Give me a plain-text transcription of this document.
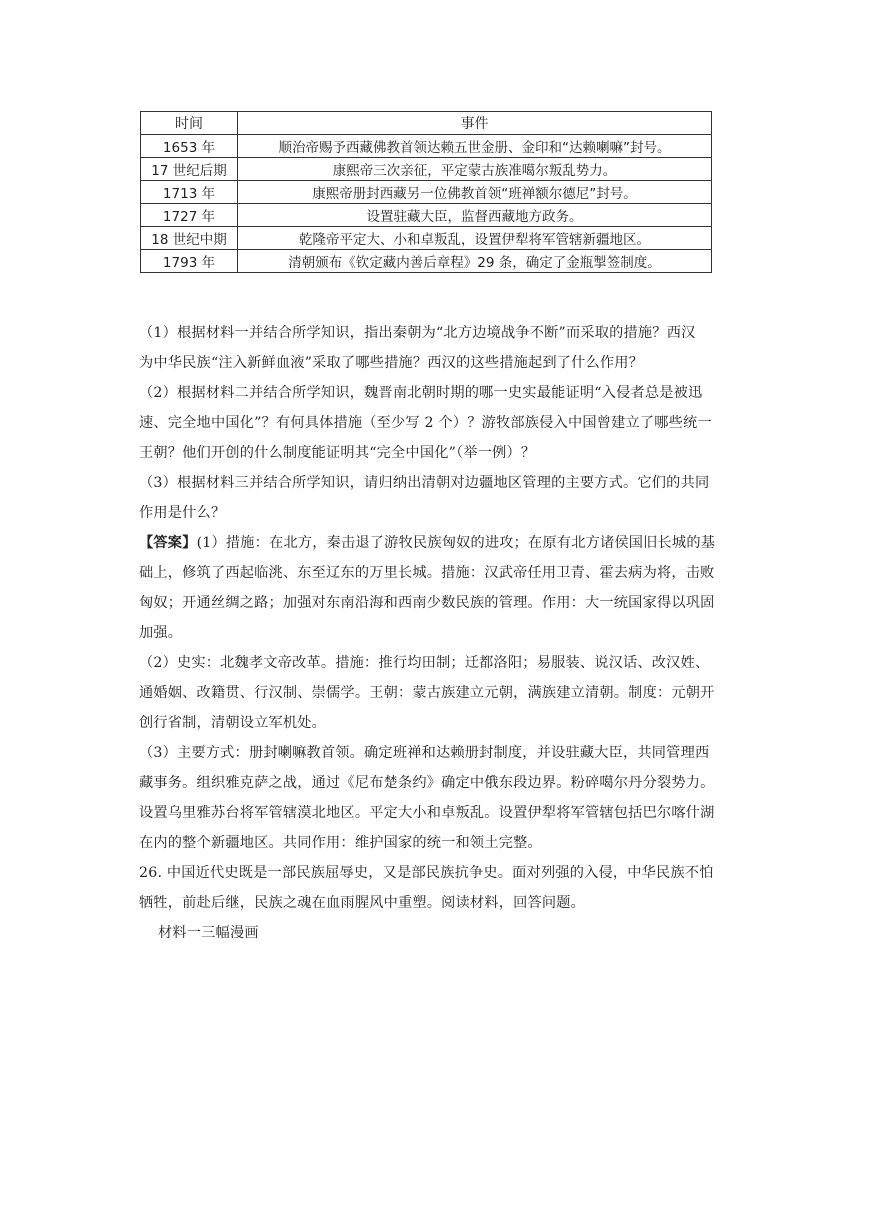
时间	事件
1653 年	顺治帝赐予西藏佛教首领达赖五世金册、金印和“达赖喇嘛”封号。
17 世纪后期	康熙帝三次亲征，平定蒙古族准噶尔叛乱势力。
1713 年	康熙帝册封西藏另一位佛教首领“班禅额尔德尼”封号。
1727 年	设置驻藏大臣，监督西藏地方政务。
18 世纪中期	乾隆帝平定大、小和卓叛乱，设置伊犁将军管辖新疆地区。
1793 年	清朝颁布《钦定藏内善后章程》29 条，确定了金瓶掣签制度。

（1）根据材料一并结合所学知识，指出秦朝为“北方边境战争不断”而采取的措施？西汉

为中华民族“注入新鲜血液”采取了哪些措施？西汉的这些措施起到了什么作用？

（2）根据材料二并结合所学知识，魏晋南北朝时期的哪一史实最能证明“入侵者总是被迅

速、完全地中国化”？有何具体措施（至少写 2 个）？游牧部族侵入中国曾建立了哪些统一

王朝？他们开创的什么制度能证明其“完全中国化”（举一例）？

（3）根据材料三并结合所学知识，请归纳出清朝对边疆地区管理的主要方式。它们的共同

作用是什么？

【答案】(1）措施：在北方，秦击退了游牧民族匈奴的进攻；在原有北方诸侯国旧长城的基

础上，修筑了西起临洮、东至辽东的万里长城。措施：汉武帝任用卫青、霍去病为将，击败

匈奴；开通丝绸之路；加强对东南沿海和西南少数民族的管理。作用：大一统国家得以巩固

加强。

（2）史实：北魏孝文帝改革。措施：推行均田制；迁都洛阳；易服装、说汉话、改汉姓、

通婚姻、改籍贯、行汉制、崇儒学。王朝：蒙古族建立元朝，满族建立清朝。制度：元朝开

创行省制，清朝设立军机处。

（3）主要方式：册封喇嘛教首领。确定班禅和达赖册封制度，并设驻藏大臣，共同管理西

藏事务。组织雅克萨之战，通过《尼布楚条约》确定中俄东段边界。粉碎噶尔丹分裂势力。

设置乌里雅苏台将军管辖漠北地区。平定大小和卓叛乱。设置伊犁将军管辖包括巴尔喀什湖

在内的整个新疆地区。共同作用：维护国家的统一和领土完整。

26. 中国近代史既是一部民族屈辱史，又是部民族抗争史。面对列强的入侵，中华民族不怕

牺牲，前赴后继，民族之魂在血雨腥风中重塑。阅读材料，回答问题。

材料一三幅漫画
